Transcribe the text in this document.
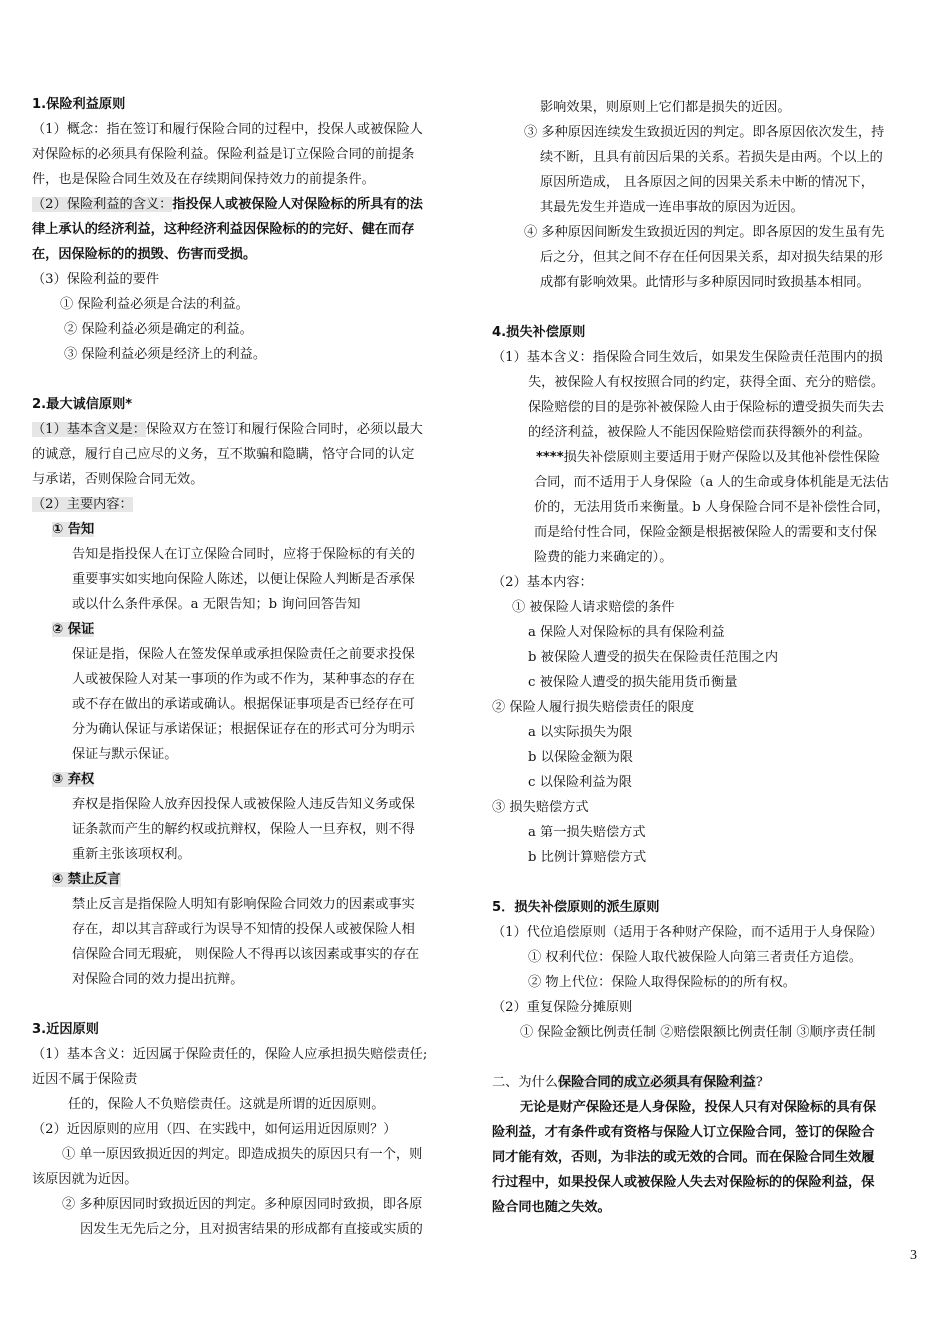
1.保险利益原则
（1）概念：指在签订和履行保险合同的过程中，投保人或被保险人
对保险标的必须具有保险利益。保险利益是订立保险合同的前提条
件，也是保险合同生效及在存续期间保持效力的前提条件。
（2）保险利益的含义：指投保人或被保险人对保险标的所具有的法
律上承认的经济利益，这种经济利益因保险标的的完好、健在而存
在，因保险标的的损毁、伤害而受损。
（3）保险利益的要件
① 保险利益必须是合法的利益。
② 保险利益必须是确定的利益。
③ 保险利益必须是经济上的利益。
2.最大诚信原则*
（1）基本含义是：保险双方在签订和履行保险合同时，必须以最大
的诚意，履行自己应尽的义务，互不欺骗和隐瞒，恪守合同的认定
与承诺，否则保险合同无效。
（2）主要内容：
① 告知
告知是指投保人在订立保险合同时，应将于保险标的有关的
重要事实如实地向保险人陈述，以便让保险人判断是否承保
或以什么条件承保。a 无限告知；b 询问回答告知
② 保证
保证是指，保险人在签发保单或承担保险责任之前要求投保
人或被保险人对某一事项的作为或不作为，某种事态的存在
或不存在做出的承诺或确认。根据保证事项是否已经存在可
分为确认保证与承诺保证；根据保证存在的形式可分为明示
保证与默示保证。
③ 弃权
弃权是指保险人放弃因投保人或被保险人违反告知义务或保
证条款而产生的解约权或抗辩权，保险人一旦弃权，则不得
重新主张该项权利。
④ 禁止反言
禁止反言是指保险人明知有影响保险合同效力的因素或事实
存在，却以其言辞或行为误导不知情的投保人或被保险人相
信保险合同无瑕疵， 则保险人不得再以该因素或事实的存在
对保险合同的效力提出抗辩。
3.近因原则
（1）基本含义：近因属于保险责任的，保险人应承担损失赔偿责任;
近因不属于保险责
任的，保险人不负赔偿责任。这就是所谓的近因原则。
（2）近因原则的应用（四、在实践中，如何运用近因原则？）
① 单一原因致损近因的判定。即造成损失的原因只有一个，则
该原因就为近因。
② 多种原因同时致损近因的判定。多种原因同时致损，即各原
因发生无先后之分，且对损害结果的形成都有直接或实质的
影响效果，则原则上它们都是损失的近因。
③ 多种原因连续发生致损近因的判定。即各原因依次发生，持
续不断，且具有前因后果的关系。若损失是由两。个以上的
原因所造成， 且各原因之间的因果关系未中断的情况下，
其最先发生并造成一连串事故的原因为近因。
④ 多种原因间断发生致损近因的判定。即各原因的发生虽有先
后之分，但其之间不存在任何因果关系，却对损失结果的形
成都有影响效果。此情形与多种原因同时致损基本相同。
4.损失补偿原则
（1）基本含义：指保险合同生效后，如果发生保险责任范围内的损
失，被保险人有权按照合同的约定，获得全面、充分的赔偿。
保险赔偿的目的是弥补被保险人由于保险标的遭受损失而失去
的经济利益，被保险人不能因保险赔偿而获得额外的利益。
****损失补偿原则主要适用于财产保险以及其他补偿性保险
合同，而不适用于人身保险（a 人的生命或身体机能是无法估
价的，无法用货币来衡量。b 人身保险合同不是补偿性合同，
而是给付性合同，保险金额是根据被保险人的需要和支付保
险费的能力来确定的）。
（2）基本内容：
① 被保险人请求赔偿的条件
a 保险人对保险标的具有保险利益
b 被保险人遭受的损失在保险责任范围之内
c 被保险人遭受的损失能用货币衡量
② 保险人履行损失赔偿责任的限度
a 以实际损失为限
b 以保险金额为限
c 以保险利益为限
③ 损失赔偿方式
a 第一损失赔偿方式
b 比例计算赔偿方式
5．损失补偿原则的派生原则
（1）代位追偿原则（适用于各种财产保险，而不适用于人身保险）
① 权利代位：保险人取代被保险人向第三者责任方追偿。
② 物上代位：保险人取得保险标的的所有权。
（2）重复保险分摊原则
① 保险金额比例责任制 ②赔偿限额比例责任制 ③顺序责任制
二、为什么保险合同的成立必须具有保险利益?
无论是财产保险还是人身保险，投保人只有对保险标的具有保
险利益，才有条件或有资格与保险人订立保险合同，签订的保险合
同才能有效，否则，为非法的或无效的合同。而在保险合同生效履
行过程中，如果投保人或被保险人失去对保险标的的保险利益，保
险合同也随之失效。
3
